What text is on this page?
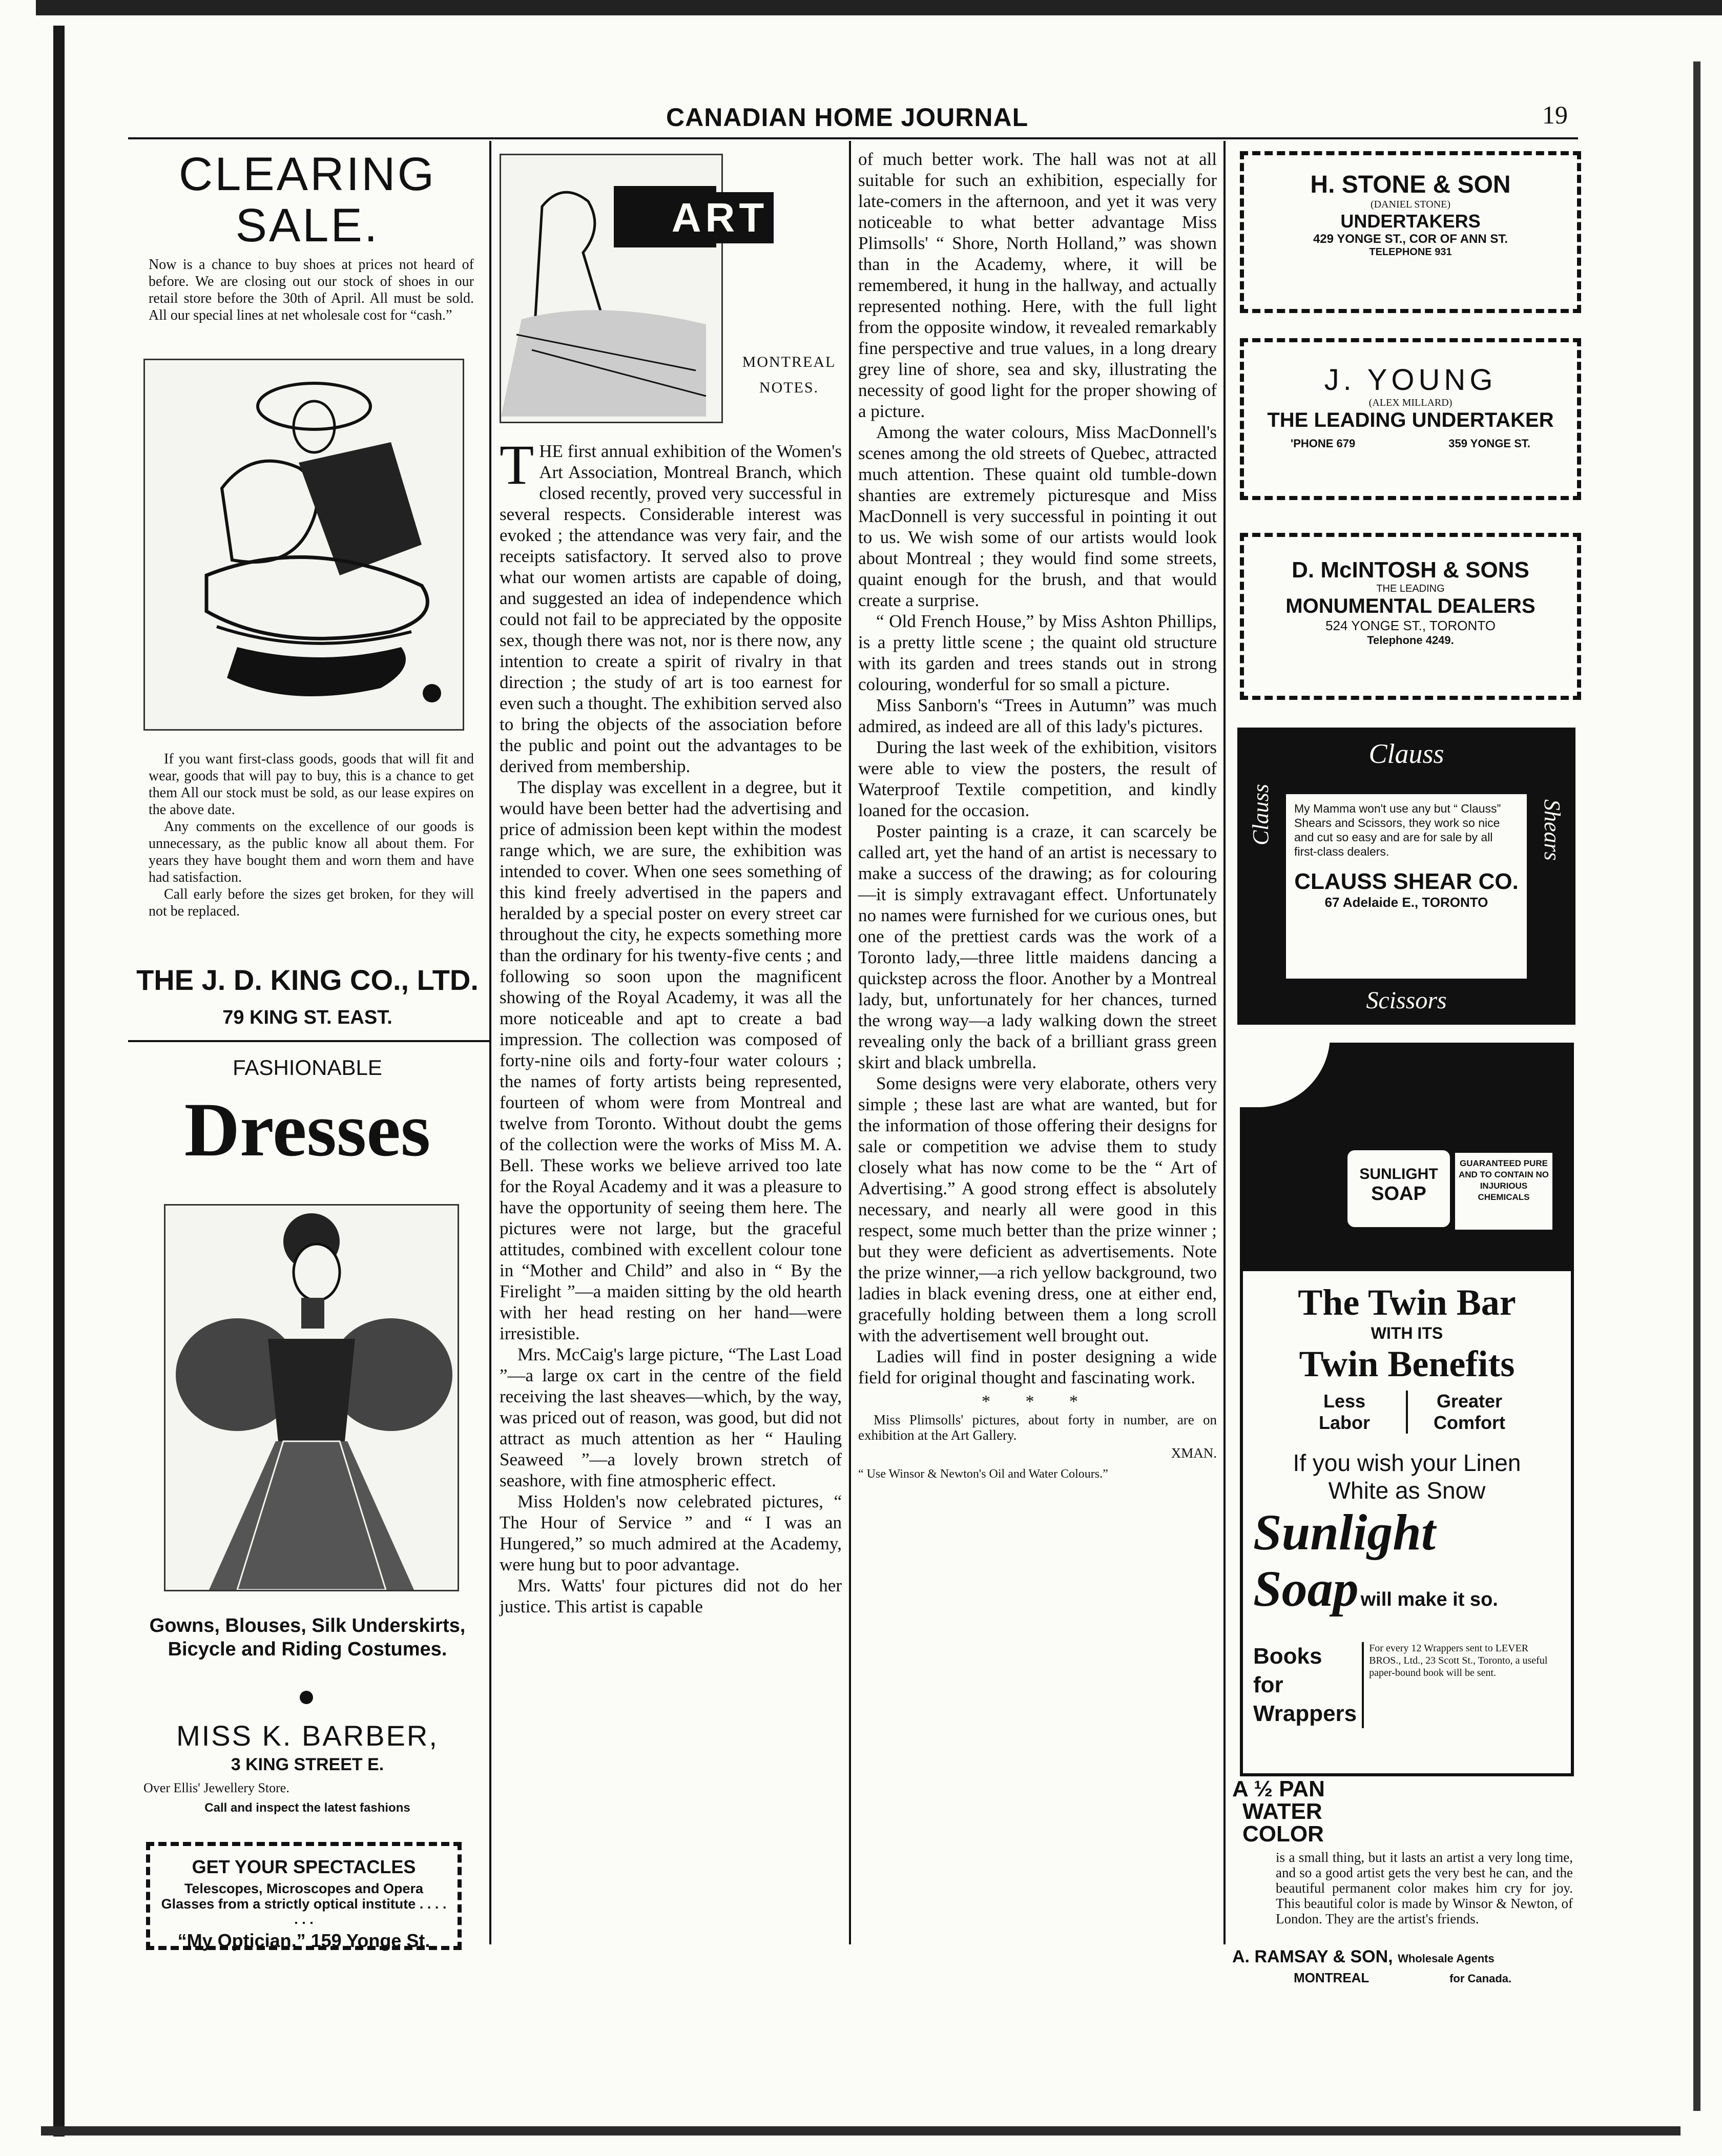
CANADIAN HOME JOURNAL	19
CLEARING
SALE.
Now is a chance to buy shoes at prices not heard of before. We are closing out our stock of shoes in our retail store before the 30th of April. All must be sold. All our special lines at net wholesale cost for “cash.”
If you want first-class goods, goods that will fit and wear, goods that will pay to buy, this is a chance to get them All our stock must be sold, as our lease expires on the above date.
Any comments on the excellence of our goods is unnecessary, as the public know all about them. For years they have bought them and worn them and have had satisfaction.
Call early before the sizes get broken, for they will not be replaced.
THE J. D. KING CO., LTD.
79 KING ST. EAST.
FASHIONABLE
Dresses
Gowns, Blouses, Silk Underskirts, Bicycle and Riding Costumes.
MISS K. BARBER,
3 KING STREET E.
Over Ellis' Jewellery Store.
Call and inspect the latest fashions
GET YOUR SPECTACLES
Telescopes, Microscopes and Opera Glasses from a strictly optical institute . . . . . . .
“My Optician,” 159 Yonge St.
ART
MONTREAL
NOTES.

THE first annual exhibition of the Women's Art Association, Montreal Branch, which closed recently, proved very successful in several respects. Considerable interest was evoked ; the attendance was very fair, and the receipts satisfactory. It served also to prove what our women artists are capable of doing, and suggested an idea of independence which could not fail to be appreciated by the opposite sex, though there was not, nor is there now, any intention to create a spirit of rivalry in that direction ; the study of art is too earnest for even such a thought. The exhibition served also to bring the objects of the association before the public and point out the advantages to be derived from membership.

The display was excellent in a degree, but it would have been better had the advertising and price of admission been kept within the modest range which, we are sure, the exhibition was intended to cover. When one sees something of this kind freely advertised in the papers and heralded by a special poster on every street car throughout the city, he expects something more than the ordinary for his twenty-five cents ; and following so soon upon the magnificent showing of the Royal Academy, it was all the more noticeable and apt to create a bad impression. The collection was composed of forty-nine oils and forty-four water colours ; the names of forty artists being represented, fourteen of whom were from Montreal and twelve from Toronto. Without doubt the gems of the collection were the works of Miss M. A. Bell. These works we believe arrived too late for the Royal Academy and it was a pleasure to have the opportunity of seeing them here. The pictures were not large, but the graceful attitudes, combined with excellent colour tone in “Mother and Child” and also in “ By the Firelight ”—a maiden sitting by the old hearth with her head resting on her hand—were irresistible.

Mrs. McCaig's large picture, “The Last Load ”—a large ox cart in the centre of the field receiving the last sheaves—which, by the way, was priced out of reason, was good, but did not attract as much attention as her “ Hauling Seaweed ”—a lovely brown stretch of seashore, with fine atmospheric effect.

Miss Holden's now celebrated pictures, “ The Hour of Service ” and “ I was an Hungered,” so much admired at the Academy, were hung but to poor advantage.

Mrs. Watts' four pictures did not do her justice. This artist is capable

of much better work. The hall was not at all suitable for such an exhibition, especially for late-comers in the afternoon, and yet it was very noticeable to what better advantage Miss Plimsolls' “ Shore, North Holland,” was shown than in the Academy, where, it will be remembered, it hung in the hallway, and actually represented nothing. Here, with the full light from the opposite window, it revealed remarkably fine perspective and true values, in a long dreary grey line of shore, sea and sky, illustrating the necessity of good light for the proper showing of a picture.

Among the water colours, Miss MacDonnell's scenes among the old streets of Quebec, attracted much attention. These quaint old tumble-down shanties are extremely picturesque and Miss MacDonnell is very successful in pointing it out to us. We wish some of our artists would look about Montreal ; they would find some streets, quaint enough for the brush, and that would create a surprise.

“ Old French House,” by Miss Ashton Phillips, is a pretty little scene ; the quaint old structure with its garden and trees stands out in strong colouring, wonderful for so small a picture.

Miss Sanborn's “Trees in Autumn” was much admired, as indeed are all of this lady's pictures.

During the last week of the exhibition, visitors were able to view the posters, the result of Waterproof Textile competition, and kindly loaned for the occasion.

Poster painting is a craze, it can scarcely be called art, yet the hand of an artist is necessary to make a success of the drawing; as for colouring—it is simply extravagant effect. Unfortunately no names were furnished for we curious ones, but one of the prettiest cards was the work of a Toronto lady,—three little maidens dancing a quickstep across the floor. Another by a Montreal lady, but, unfortunately for her chances, turned the wrong way—a lady walking down the street revealing only the back of a brilliant grass green skirt and black umbrella.

Some designs were very elaborate, others very simple ; these last are what are wanted, but for the information of those offering their designs for sale or competition we advise them to study closely what has now come to be the “ Art of Advertising.” A good strong effect is absolutely necessary, and nearly all were good in this respect, some much better than the prize winner ; but they were deficient as advertisements. Note the prize winner,—a rich yellow background, two ladies in black evening dress, one at either end, gracefully holding between them a long scroll with the advertisement well brought out.

Ladies will find in poster designing a wide field for original thought and fascinating work.

* * *
Miss Plimsolls' pictures, about forty in number, are on exhibition at the Art Gallery.
XMAN.
“ Use Winsor & Newton's Oil and Water Colours.”
H. STONE & SON
(DANIEL STONE)
UNDERTAKERS
429 YONGE ST., COR OF ANN ST.
TELEPHONE 931
J. YOUNG
(ALEX MILLARD)
THE LEADING UNDERTAKER
'PHONE 679	359 YONGE ST.
D. McINTOSH & SONS
THE LEADING
MONUMENTAL DEALERS
524 YONGE ST., TORONTO
Telephone 4249.
Clauss
Clauss	Shears
My Mamma won't use any but “ Clauss” Shears and Scissors, they work so nice and cut so easy and are for sale by all first-class dealers.
CLAUSS SHEAR CO.
67 Adelaide E., TORONTO
Scissors
SUNLIGHT
SOAP
GUARANTEED PURE AND TO CONTAIN NO INJURIOUS CHEMICALS
The Twin Bar
WITH ITS
Twin Benefits
Less
Labor
Greater
Comfort
If you wish your Linen
White as Snow
Sunlight
Soap will make it so.
Books for
Wrappers
For every 12 Wrappers sent to LEVER BROS., Ltd., 23 Scott St., Toronto, a useful paper-bound book will be sent.
A ½ PAN
WATER
COLOR
is a small thing, but it lasts an artist a very long time, and so a good artist gets the very best he can, and the beautiful permanent color makes him cry for joy. This beautiful color is made by Winsor & Newton, of London. They are the artist's friends.
A. RAMSAY & SON, Wholesale Agents
MONTREAL	for Canada.
